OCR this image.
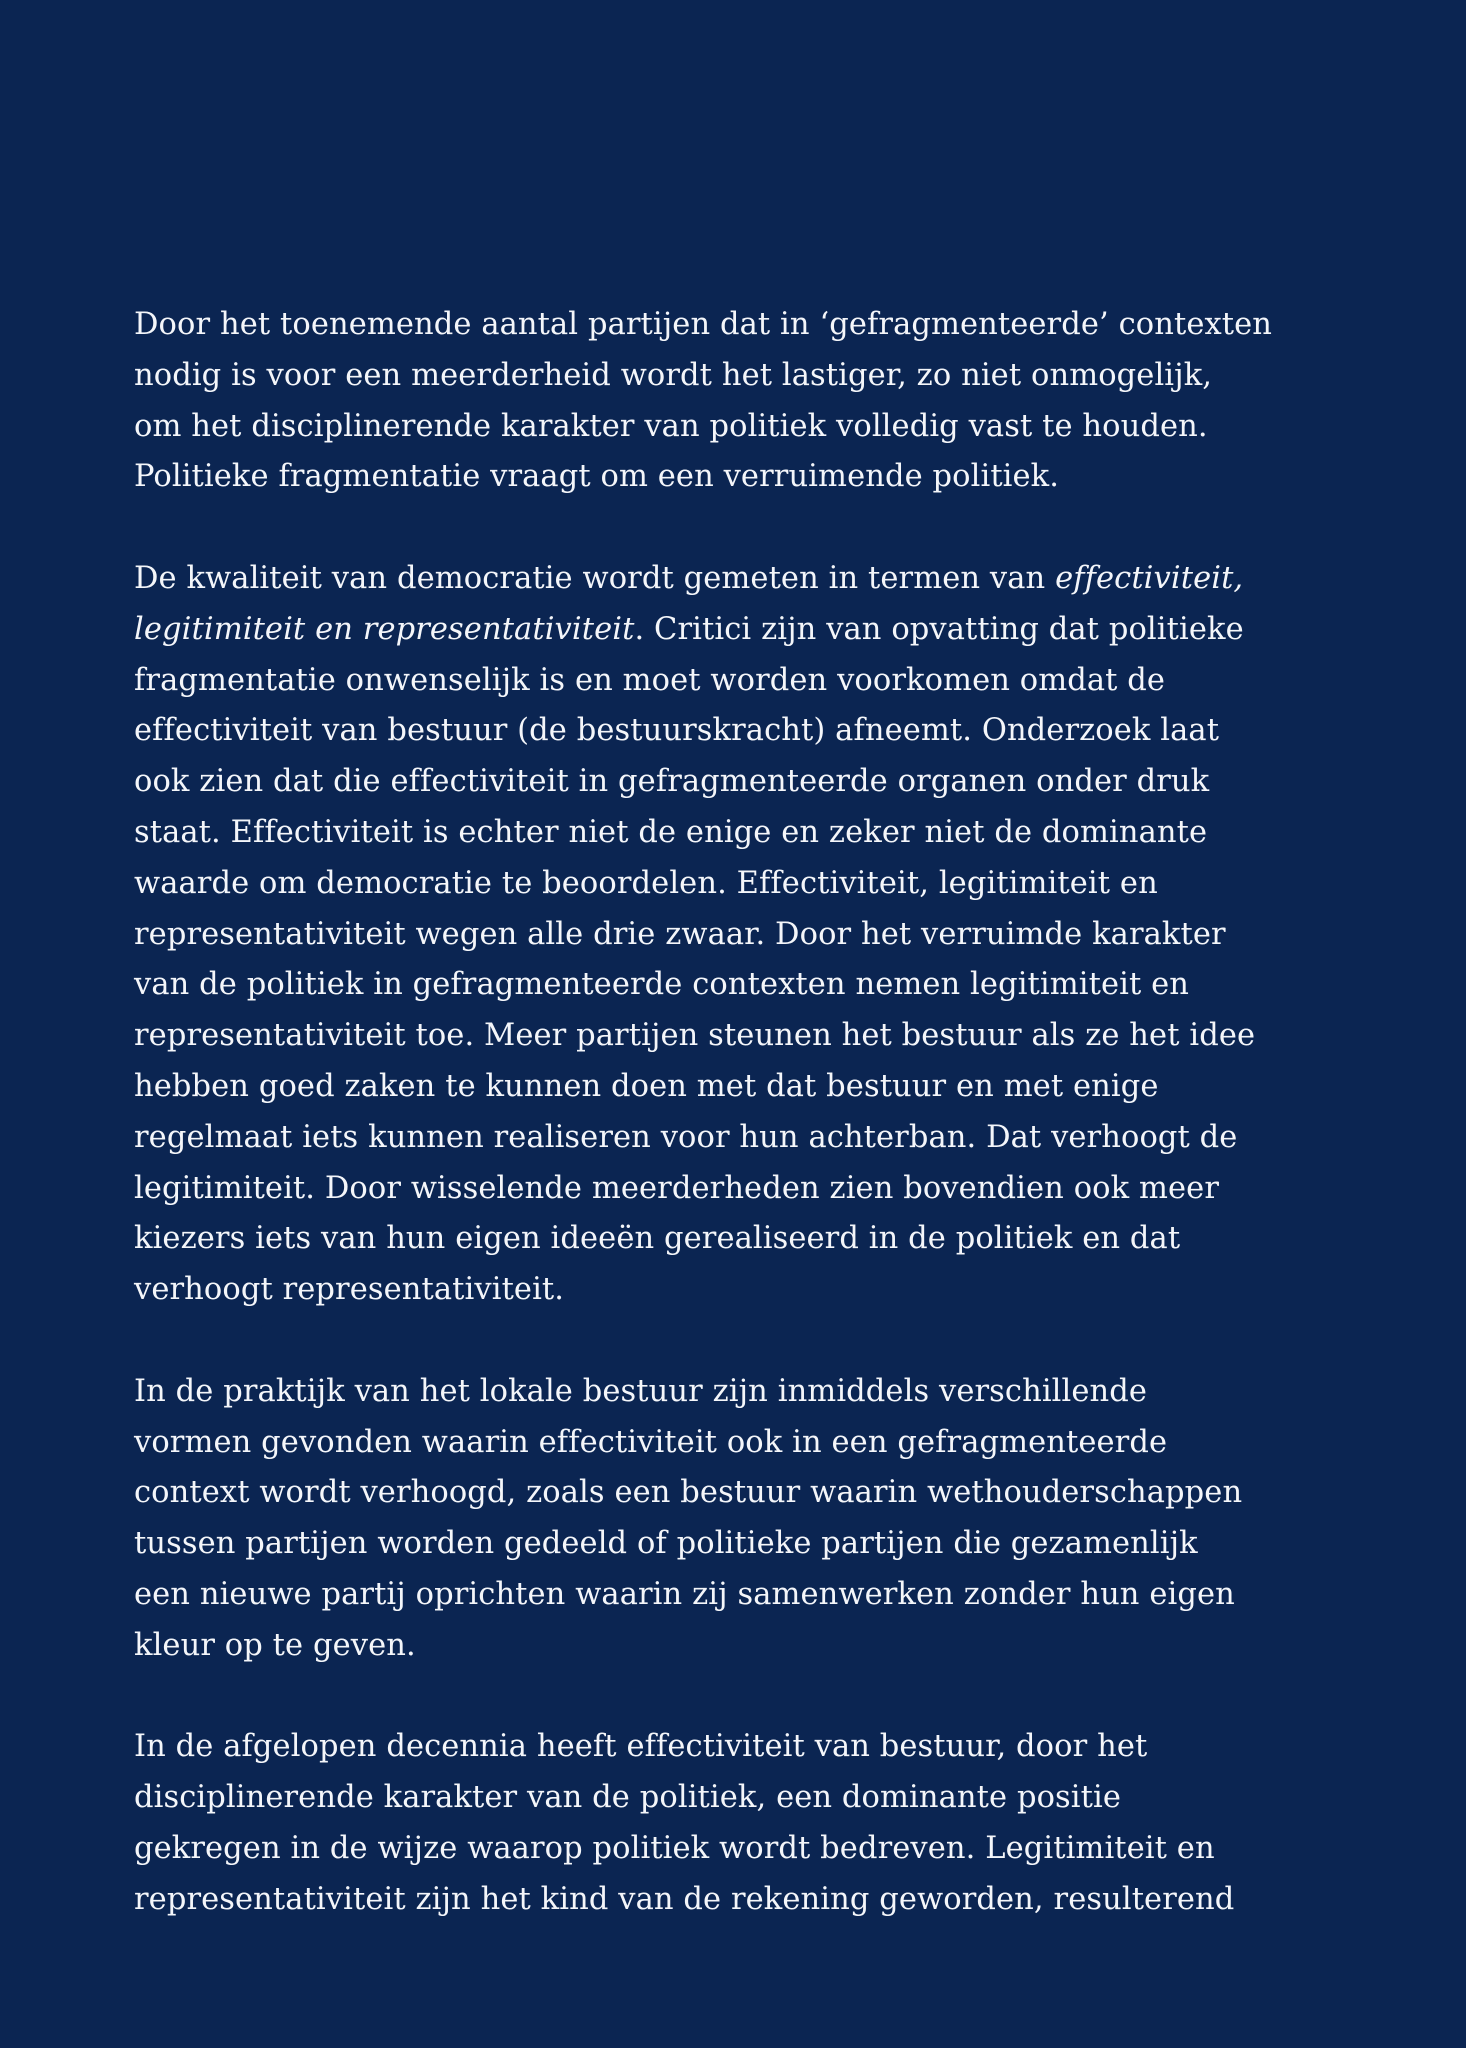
Door het toenemende aantal partijen dat in ‘gefragmenteerde’ contexten
nodig is voor een meerderheid wordt het lastiger, zo niet onmogelijk,
om het disciplinerende karakter van politiek volledig vast te houden.
Politieke fragmentatie vraagt om een verruimende politiek.

De kwaliteit van democratie wordt gemeten in termen van effectiviteit,
legitimiteit en representativiteit. Critici zijn van opvatting dat politieke
fragmentatie onwenselijk is en moet worden voorkomen omdat de
effectiviteit van bestuur (de bestuurskracht) afneemt. Onderzoek laat
ook zien dat die effectiviteit in gefragmenteerde organen onder druk
staat. Effectiviteit is echter niet de enige en zeker niet de dominante
waarde om democratie te beoordelen. Effectiviteit, legitimiteit en
representativiteit wegen alle drie zwaar. Door het verruimde karakter
van de politiek in gefragmenteerde contexten nemen legitimiteit en
representativiteit toe. Meer partijen steunen het bestuur als ze het idee
hebben goed zaken te kunnen doen met dat bestuur en met enige
regelmaat iets kunnen realiseren voor hun achterban. Dat verhoogt de
legitimiteit. Door wisselende meerderheden zien bovendien ook meer
kiezers iets van hun eigen ideeën gerealiseerd in de politiek en dat
verhoogt representativiteit.

In de praktijk van het lokale bestuur zijn inmiddels verschillende
vormen gevonden waarin effectiviteit ook in een gefragmenteerde
context wordt verhoogd, zoals een bestuur waarin wethouderschappen
tussen partijen worden gedeeld of politieke partijen die gezamenlijk
een nieuwe partij oprichten waarin zij samenwerken zonder hun eigen
kleur op te geven.

In de afgelopen decennia heeft effectiviteit van bestuur, door het
disciplinerende karakter van de politiek, een dominante positie
gekregen in de wijze waarop politiek wordt bedreven. Legitimiteit en
representativiteit zijn het kind van de rekening geworden, resulterend
